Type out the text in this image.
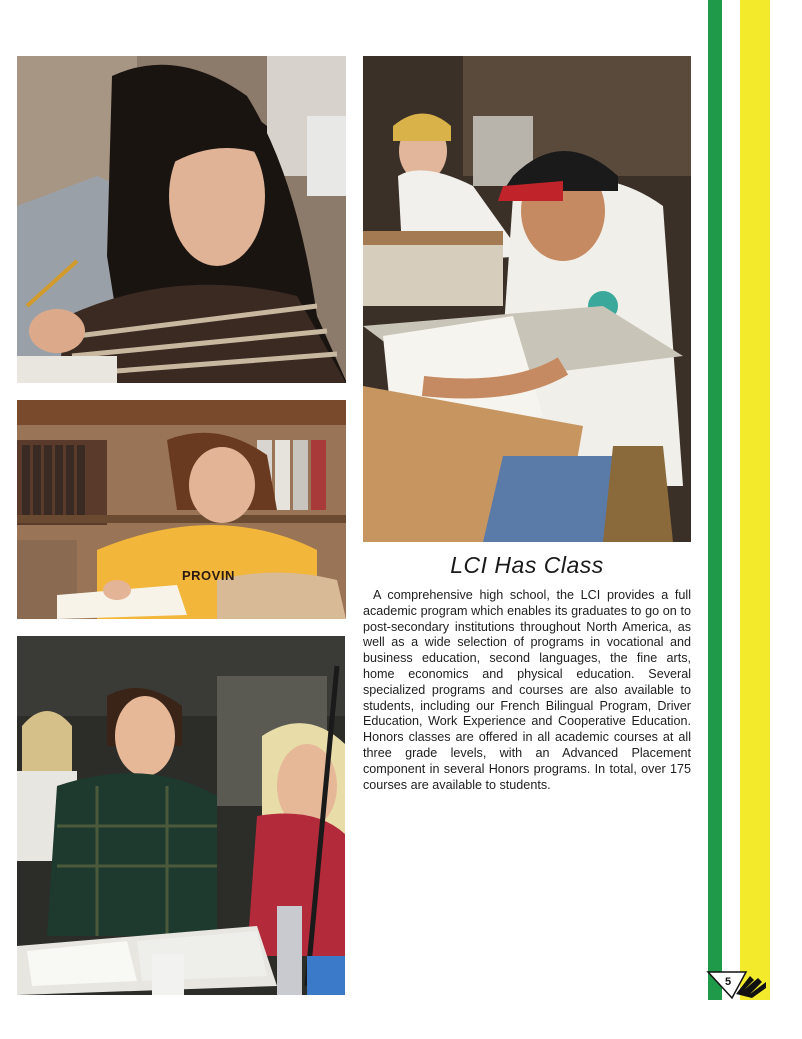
PROVIN	LCI Has Class
A comprehensive high school, the LCI provides a full academic program which enables its graduates to go on to post-secondary institutions throughout North America, as well as a wide selection of programs in vocational and business education, second languages, the fine arts, home economics and physical education. Several specialized programs and courses are also available to students, including our French Bilingual Program, Driver Education, Work Experience and Cooperative Education. Honors classes are offered in all academic courses at all three grade levels, with an Advanced Placement component in several Honors programs. In total, over 175 courses are available to students.
5
